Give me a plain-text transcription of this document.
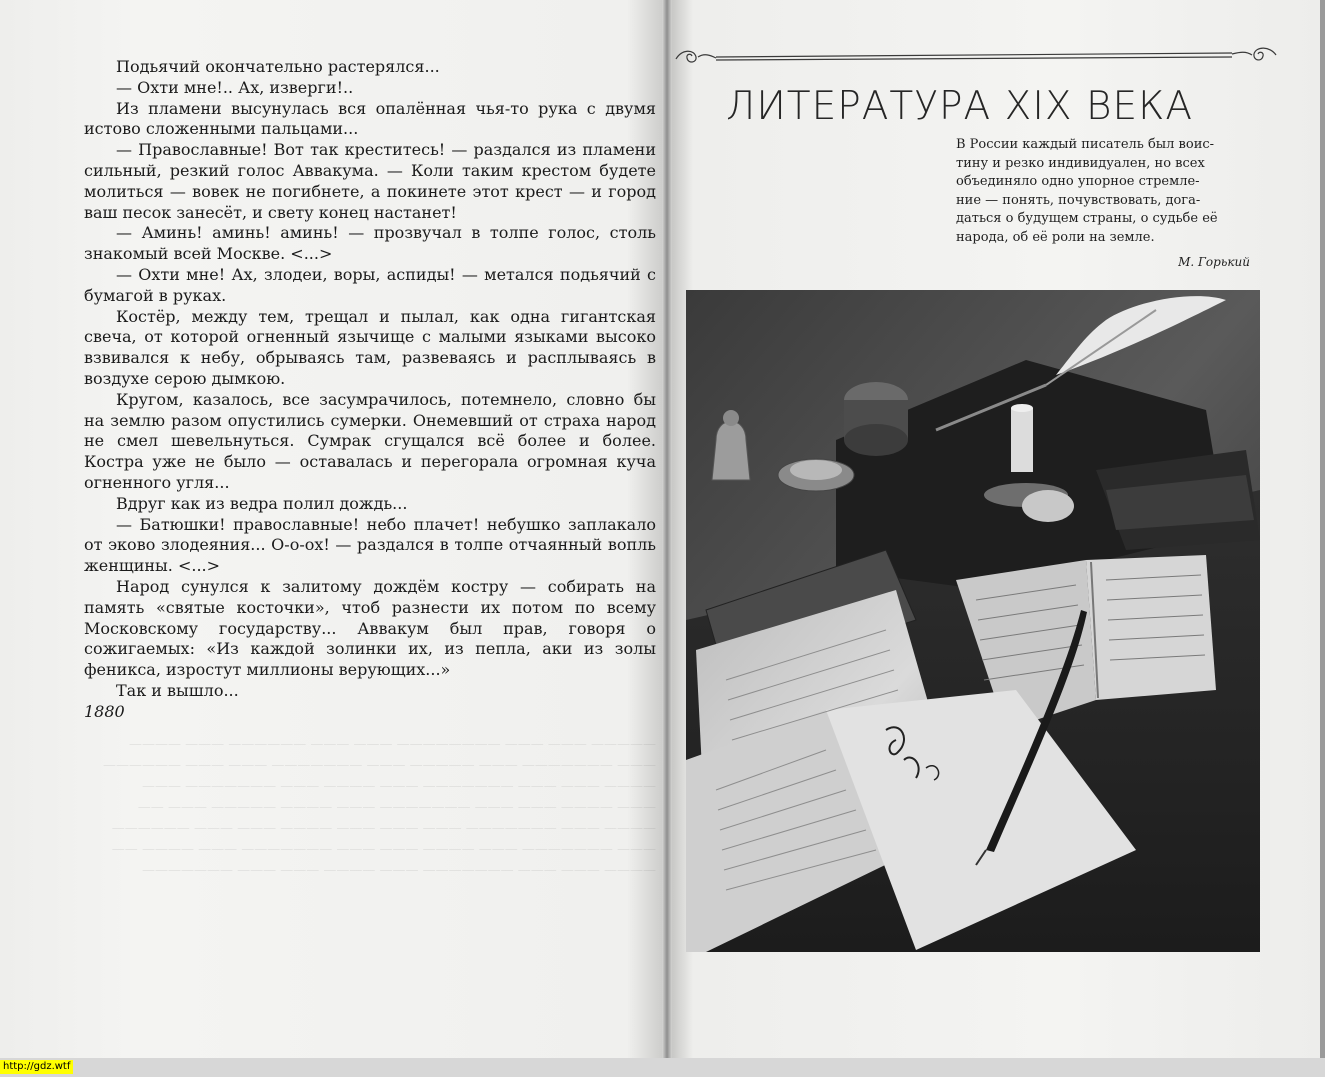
Подьячий окончательно растерялся...

— Охти мне!.. Ах, изверги!..

Из пламени высунулась вся опалённая чья-то рука с двумя истово сложенными пальцами...

— Православные! Вот так креститесь! — раздался из пламени сильный, резкий голос Аввакума. — Коли таким крестом будете молиться — вовек не погибнете, а покинете этот крест — и город ваш песок занесёт, и свету конец настанет!

— Аминь! аминь! аминь! — прозвучал в толпе голос, столь знакомый всей Москве. <...>

— Охти мне! Ах, злодеи, воры, аспиды! — метался подьячий с бумагой в руках.

Костёр, между тем, трещал и пылал, как одна гигантская свеча, от которой огненный язычище с малыми языками высоко взвивался к небу, обрываясь там, развеваясь и расплываясь в воздухе серою дымкою.

Кругом, казалось, все засумрачилось, потемнело, словно бы на землю разом опустились сумерки. Онемевший от страха народ не смел шевельнуться. Сумрак сгущался всё более и более. Костра уже не было — оставалась и перегорала огромная куча огненного угля...

Вдруг как из ведра полил дождь...

— Батюшки! православные! небо плачет! небушко заплакало от эково злодеяния... О-о-ох! — раздался в толпе отчаянный вопль женщины. <...>

Народ сунулся к залитому дождём костру — собирать на память «святые косточки», чтоб разнести их потом по всему Московскому государству... Аввакум был прав, говоря о сожигаемых: «Из каждой золинки их, из пепла, аки из золы феникса, изростут миллионы верующих...»

Так и вышло...

1880

————— ——— ——— ———————— ——— ——— —————— ——— ————
——— ——————— ——— ————— ——— ——————— ——— ——— ——————
———— ——— ——— ——————— ——— ———— ——— ——————— ———
——— ———— ——— ——— ——————— ——— ———— ————— ——— ——
———— ——— ——————— ——— ——— ——— ———— ——— ——— ——————
——— ——————— ——— ———— ——— ——— ——————— ——— ———— ——
———— ——— ——— ——————— ——— ———— ——— ——— ———————
ЛИТЕРАТУРА XIX ВЕКА

В России каждый писатель был воис-

тину и резко индивидуален, но всех

объединяло одно упорное стремле-

ние — понять, почувствовать, дога-

даться о будущем страны, о судьбе её

народа, об её роли на земле.

М. Горький

http://gdz.wtf
